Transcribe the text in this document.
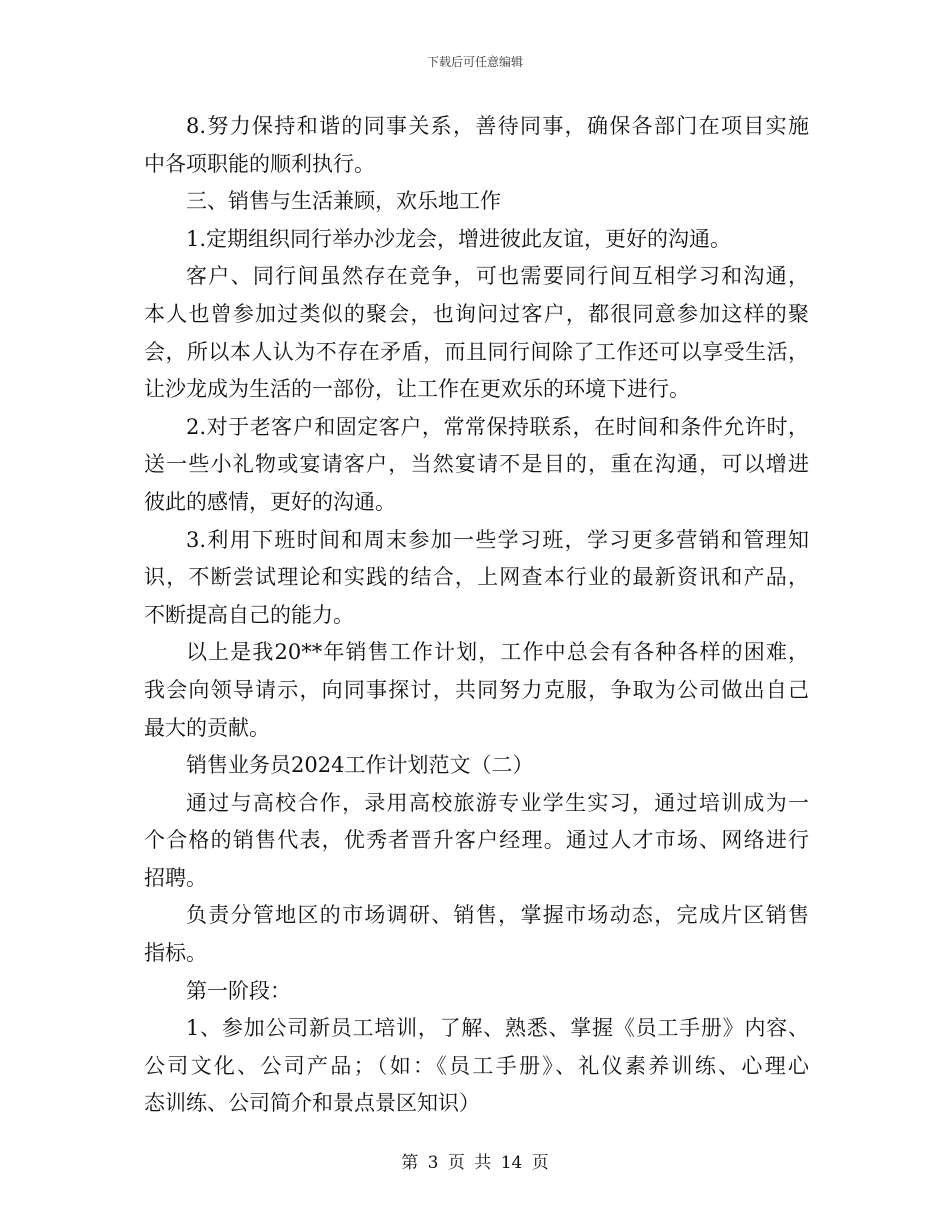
下载后可任意编辑
8.努力保持和谐的同事关系，善待同事，确保各部门在项目实施
中各项职能的顺利执行。
三、销售与生活兼顾，欢乐地工作
1.定期组织同行举办沙龙会，增进彼此友谊，更好的沟通。
客户、同行间虽然存在竞争，可也需要同行间互相学习和沟通，
本人也曾参加过类似的聚会，也询问过客户，都很同意参加这样的聚
会，所以本人认为不存在矛盾，而且同行间除了工作还可以享受生活，
让沙龙成为生活的一部份，让工作在更欢乐的环境下进行。
2.对于老客户和固定客户，常常保持联系，在时间和条件允许时，
送一些小礼物或宴请客户，当然宴请不是目的，重在沟通，可以增进
彼此的感情，更好的沟通。
3.利用下班时间和周末参加一些学习班，学习更多营销和管理知
识，不断尝试理论和实践的结合，上网查本行业的最新资讯和产品，
不断提高自己的能力。
以上是我20**年销售工作计划，工作中总会有各种各样的困难，
我会向领导请示，向同事探讨，共同努力克服，争取为公司做出自己
最大的贡献。
销售业务员2024工作计划范文（二）
通过与高校合作，录用高校旅游专业学生实习，通过培训成为一
个合格的销售代表，优秀者晋升客户经理。通过人才市场、网络进行
招聘。
负责分管地区的市场调研、销售，掌握市场动态，完成片区销售
指标。
第一阶段：
1、参加公司新员工培训，了解、熟悉、掌握《员工手册》内容、
公司文化、公司产品；（如：《员工手册》、礼仪素养训练、心理心
态训练、公司简介和景点景区知识）
第 3 页 共 14 页
